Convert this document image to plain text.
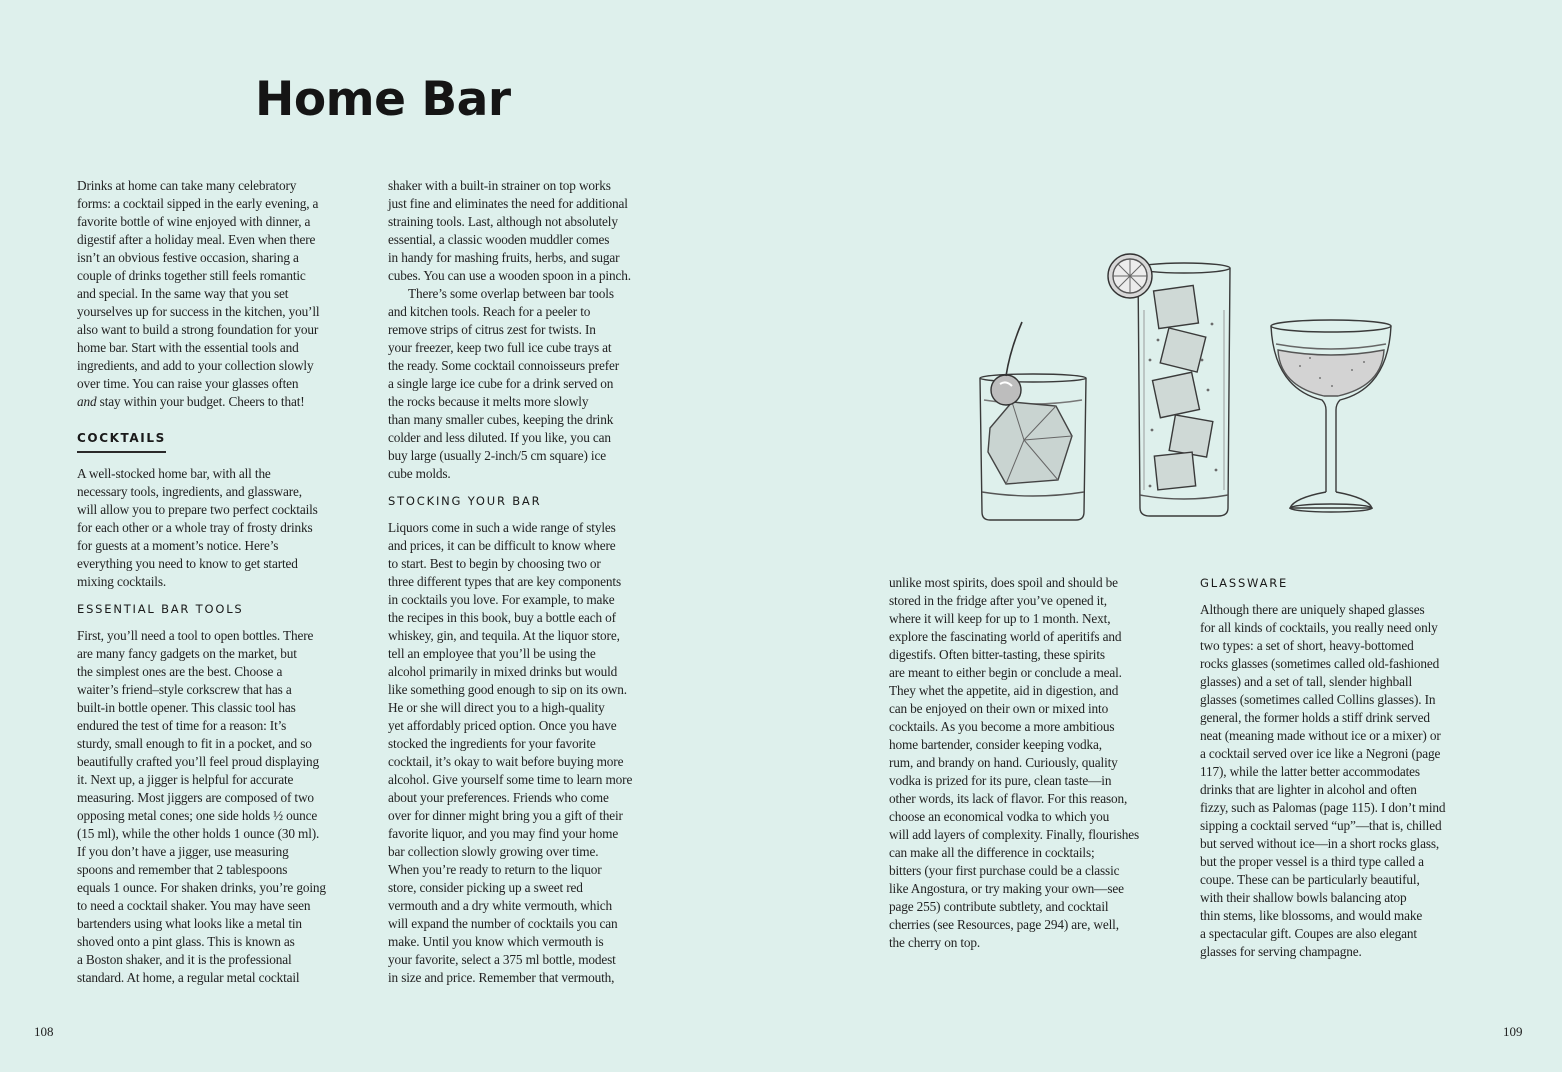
Home Bar

Drinks at home can take many celebratory
forms: a cocktail sipped in the early evening, a
favorite bottle of wine enjoyed with dinner, a
digestif after a holiday meal. Even when there
isn’t an obvious festive occasion, sharing a
couple of drinks together still feels romantic
and special. In the same way that you set
yourselves up for success in the kitchen, you’ll
also want to build a strong foundation for your
home bar. Start with the essential tools and
ingredients, and add to your collection slowly
over time. You can raise your glasses often

and stay within your budget. Cheers to that!

COCKTAILS

A well-stocked home bar, with all the
necessary tools, ingredients, and glassware,
will allow you to prepare two perfect cocktails
for each other or a whole tray of frosty drinks
for guests at a moment’s notice. Here’s
everything you need to know to get started
mixing cocktails.

ESSENTIAL BAR TOOLS

First, you’ll need a tool to open bottles. There
are many fancy gadgets on the market, but
the simplest ones are the best. Choose a
waiter’s friend–style corkscrew that has a
built-in bottle opener. This classic tool has
endured the test of time for a reason: It’s
sturdy, small enough to fit in a pocket, and so
beautifully crafted you’ll feel proud displaying
it. Next up, a jigger is helpful for accurate
measuring. Most jiggers are composed of two
opposing metal cones; one side holds ½ ounce
(15 ml), while the other holds 1 ounce (30 ml).
If you don’t have a jigger, use measuring
spoons and remember that 2 tablespoons
equals 1 ounce. For shaken drinks, you’re going
to need a cocktail shaker. You may have seen
bartenders using what looks like a metal tin
shoved onto a pint glass. This is known as
a Boston shaker, and it is the professional
standard. At home, a regular metal cocktail

shaker with a built-in strainer on top works
just fine and eliminates the need for additional
straining tools. Last, although not absolutely
essential, a classic wooden muddler comes
in handy for mashing fruits, herbs, and sugar
cubes. You can use a wooden spoon in a pinch.

There’s some overlap between bar tools
and kitchen tools. Reach for a peeler to
remove strips of citrus zest for twists. In
your freezer, keep two full ice cube trays at
the ready. Some cocktail connoisseurs prefer
a single large ice cube for a drink served on
the rocks because it melts more slowly
than many smaller cubes, keeping the drink
colder and less diluted. If you like, you can
buy large (usually 2-inch/5 cm square) ice
cube molds.

STOCKING YOUR BAR

Liquors come in such a wide range of styles
and prices, it can be difficult to know where
to start. Best to begin by choosing two or
three different types that are key components
in cocktails you love. For example, to make
the recipes in this book, buy a bottle each of
whiskey, gin, and tequila. At the liquor store,
tell an employee that you’ll be using the
alcohol primarily in mixed drinks but would
like something good enough to sip on its own.
He or she will direct you to a high-quality
yet affordably priced option. Once you have
stocked the ingredients for your favorite
cocktail, it’s okay to wait before buying more
alcohol. Give yourself some time to learn more
about your preferences. Friends who come
over for dinner might bring you a gift of their
favorite liquor, and you may find your home
bar collection slowly growing over time.
When you’re ready to return to the liquor
store, consider picking up a sweet red
vermouth and a dry white vermouth, which
will expand the number of cocktails you can
make. Until you know which vermouth is
your favorite, select a 375 ml bottle, modest
in size and price. Remember that vermouth,

unlike most spirits, does spoil and should be
stored in the fridge after you’ve opened it,
where it will keep for up to 1 month. Next,
explore the fascinating world of aperitifs and
digestifs. Often bitter-tasting, these spirits
are meant to either begin or conclude a meal.
They whet the appetite, aid in digestion, and
can be enjoyed on their own or mixed into
cocktails. As you become a more ambitious
home bartender, consider keeping vodka,
rum, and brandy on hand. Curiously, quality
vodka is prized for its pure, clean taste—in
other words, its lack of flavor. For this reason,
choose an economical vodka to which you
will add layers of complexity. Finally, flourishes
can make all the difference in cocktails;
bitters (your first purchase could be a classic
like Angostura, or try making your own—see
page 255) contribute subtlety, and cocktail
cherries (see Resources, page 294) are, well,
the cherry on top.

GLASSWARE

Although there are uniquely shaped glasses
for all kinds of cocktails, you really need only
two types: a set of short, heavy-bottomed
rocks glasses (sometimes called old-fashioned
glasses) and a set of tall, slender highball
glasses (sometimes called Collins glasses). In
general, the former holds a stiff drink served
neat (meaning made without ice or a mixer) or
a cocktail served over ice like a Negroni (page
117), while the latter better accommodates
drinks that are lighter in alcohol and often
fizzy, such as Palomas (page 115). I don’t mind
sipping a cocktail served “up”—that is, chilled
but served without ice—in a short rocks glass,
but the proper vessel is a third type called a
coupe. These can be particularly beautiful,
with their shallow bowls balancing atop
thin stems, like blossoms, and would make
a spectacular gift. Coupes are also elegant
glasses for serving champagne.

108	109
